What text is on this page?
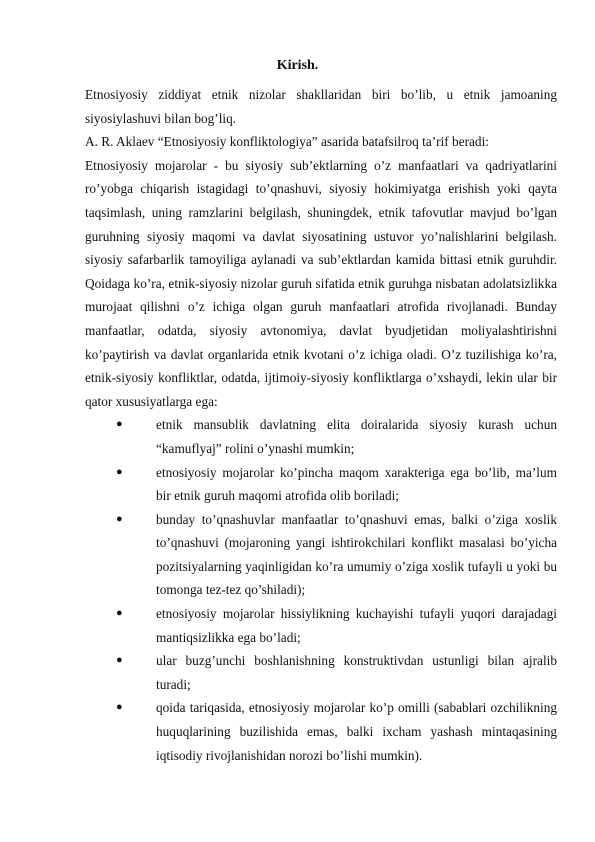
Kirish.

Etnosiyosiy ziddiyat etnik nizolar shakllaridan biri bo’lib, u etnik jamoaning siyosiylashuvi bilan bog’liq.

A. R. Aklaev “Etnosiyosiy konfliktologiya” asarida batafsilroq ta’rif beradi:

Etnosiyosiy mojarolar - bu siyosiy sub’ektlarning o’z manfaatlari va qadriyatlarini ro’yobga chiqarish istagidagi to’qnashuvi, siyosiy hokimiyatga erishish yoki qayta taqsimlash, uning ramzlarini belgilash, shuningdek, etnik tafovutlar mavjud bo’lgan guruhning siyosiy maqomi va davlat siyosatining ustuvor yo’nalishlarini belgilash. siyosiy safarbarlik tamoyiliga aylanadi va sub’ektlardan kamida bittasi etnik guruhdir. Qoidaga ko’ra, etnik-siyosiy nizolar guruh sifatida etnik guruhga nisbatan adolatsizlikka murojaat qilishni o’z ichiga olgan guruh manfaatlari atrofida rivojlanadi. Bunday manfaatlar, odatda, siyosiy avtonomiya, davlat byudjetidan moliyalashtirishni ko’paytirish va davlat organlarida etnik kvotani o’z ichiga oladi. O’z tuzilishiga ko’ra, etnik-siyosiy konfliktlar, odatda, ijtimoiy-siyosiy konfliktlarga o’xshaydi, lekin ular bir qator xususiyatlarga ega:

●	etnik mansublik davlatning elita doiralarida siyosiy kurash uchun “kamuflyaj” rolini o’ynashi mumkin;
●	etnosiyosiy mojarolar ko’pincha maqom xarakteriga ega bo’lib, ma’lum bir etnik guruh maqomi atrofida olib boriladi;
●	bunday to’qnashuvlar manfaatlar to’qnashuvi emas, balki o’ziga xoslik to’qnashuvi (mojaroning yangi ishtirokchilari konflikt masalasi bo’yicha pozitsiyalarning yaqinligidan ko’ra umumiy o’ziga xoslik tufayli u yoki bu tomonga tez-tez qo’shiladi);
●	etnosiyosiy mojarolar hissiylikning kuchayishi tufayli yuqori darajadagi mantiqsizlikka ega bo’ladi;
●	ular buzg’unchi boshlanishning konstruktivdan ustunligi bilan ajralib turadi;
●	qoida tariqasida, etnosiyosiy mojarolar ko’p omilli (sabablari ozchilikning huquqlarining buzilishida emas, balki ixcham yashash mintaqasining iqtisodiy rivojlanishidan norozi bo’lishi mumkin).
